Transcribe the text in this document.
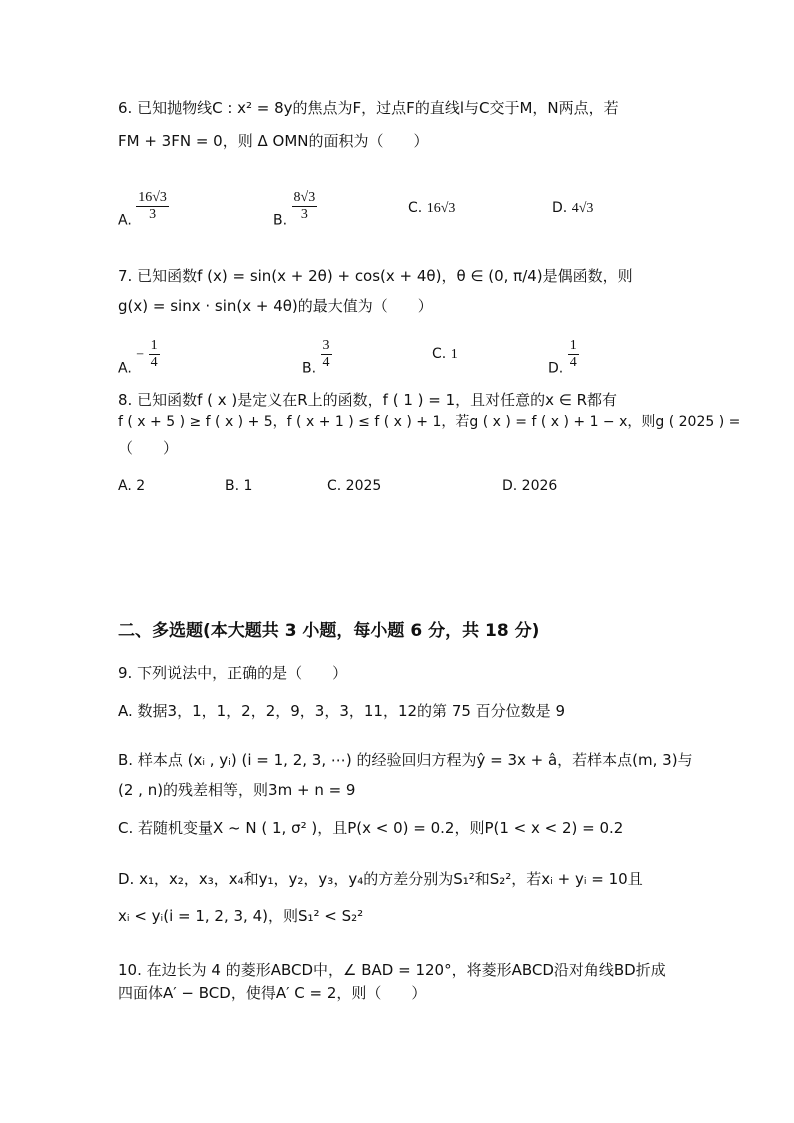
6. 已知抛物线C : x² = 8y的焦点为F，过点F的直线l与C交于M，N两点，若
FM + 3FN = 0，则 Δ OMN的面积为（　　）
A. $\frac{16√3}{3}$	B. $\frac{8√3}{3}$	C. 16√3	D. 4√3
7. 已知函数f (x) = sin(x + 2θ) + cos(x + 4θ)，θ ∈ (0, π/4)是偶函数，则
g(x) = sinx · sin(x + 4θ)的最大值为（　　）
A. − $\frac{1}{4}$	B. $\frac{3}{4}$	C. 1
D. $\frac{1}{4}$
8. 已知函数f ( x )是定义在R上的函数，f ( 1 ) = 1，且对任意的x ∈ R都有
f ( x + 5 ) ≥ f ( x ) + 5，f ( x + 1 ) ≤ f ( x ) + 1，若g ( x ) = f ( x ) + 1 − x，则g ( 2025 ) =
（　　）
A. 2	B. 1	C. 2025	D. 2026
二、多选题(本大题共 3 小题，每小题 6 分，共 18 分)
9. 下列说法中，正确的是（　　）
A. 数据3，1，1，2，2，9，3，3，11，12的第 75 百分位数是 9
B. 样本点 (xᵢ , yᵢ) (i = 1, 2, 3, ⋯) 的经验回归方程为ŷ = 3x + â，若样本点(m, 3)与
(2 , n)的残差相等，则3m + n = 9
C. 若随机变量X ~ N ( 1, σ² )，且P(x < 0) = 0.2，则P(1 < x < 2) = 0.2
D. x₁，x₂，x₃，x₄和y₁，y₂，y₃，y₄的方差分别为S₁²和S₂²，若xᵢ + yᵢ = 10且
xᵢ < yᵢ(i = 1, 2, 3, 4)，则S₁² < S₂²
10. 在边长为 4 的菱形ABCD中，∠ BAD = 120°，将菱形ABCD沿对角线BD折成
四面体A′ − BCD，使得A′ C = 2，则（　　）
